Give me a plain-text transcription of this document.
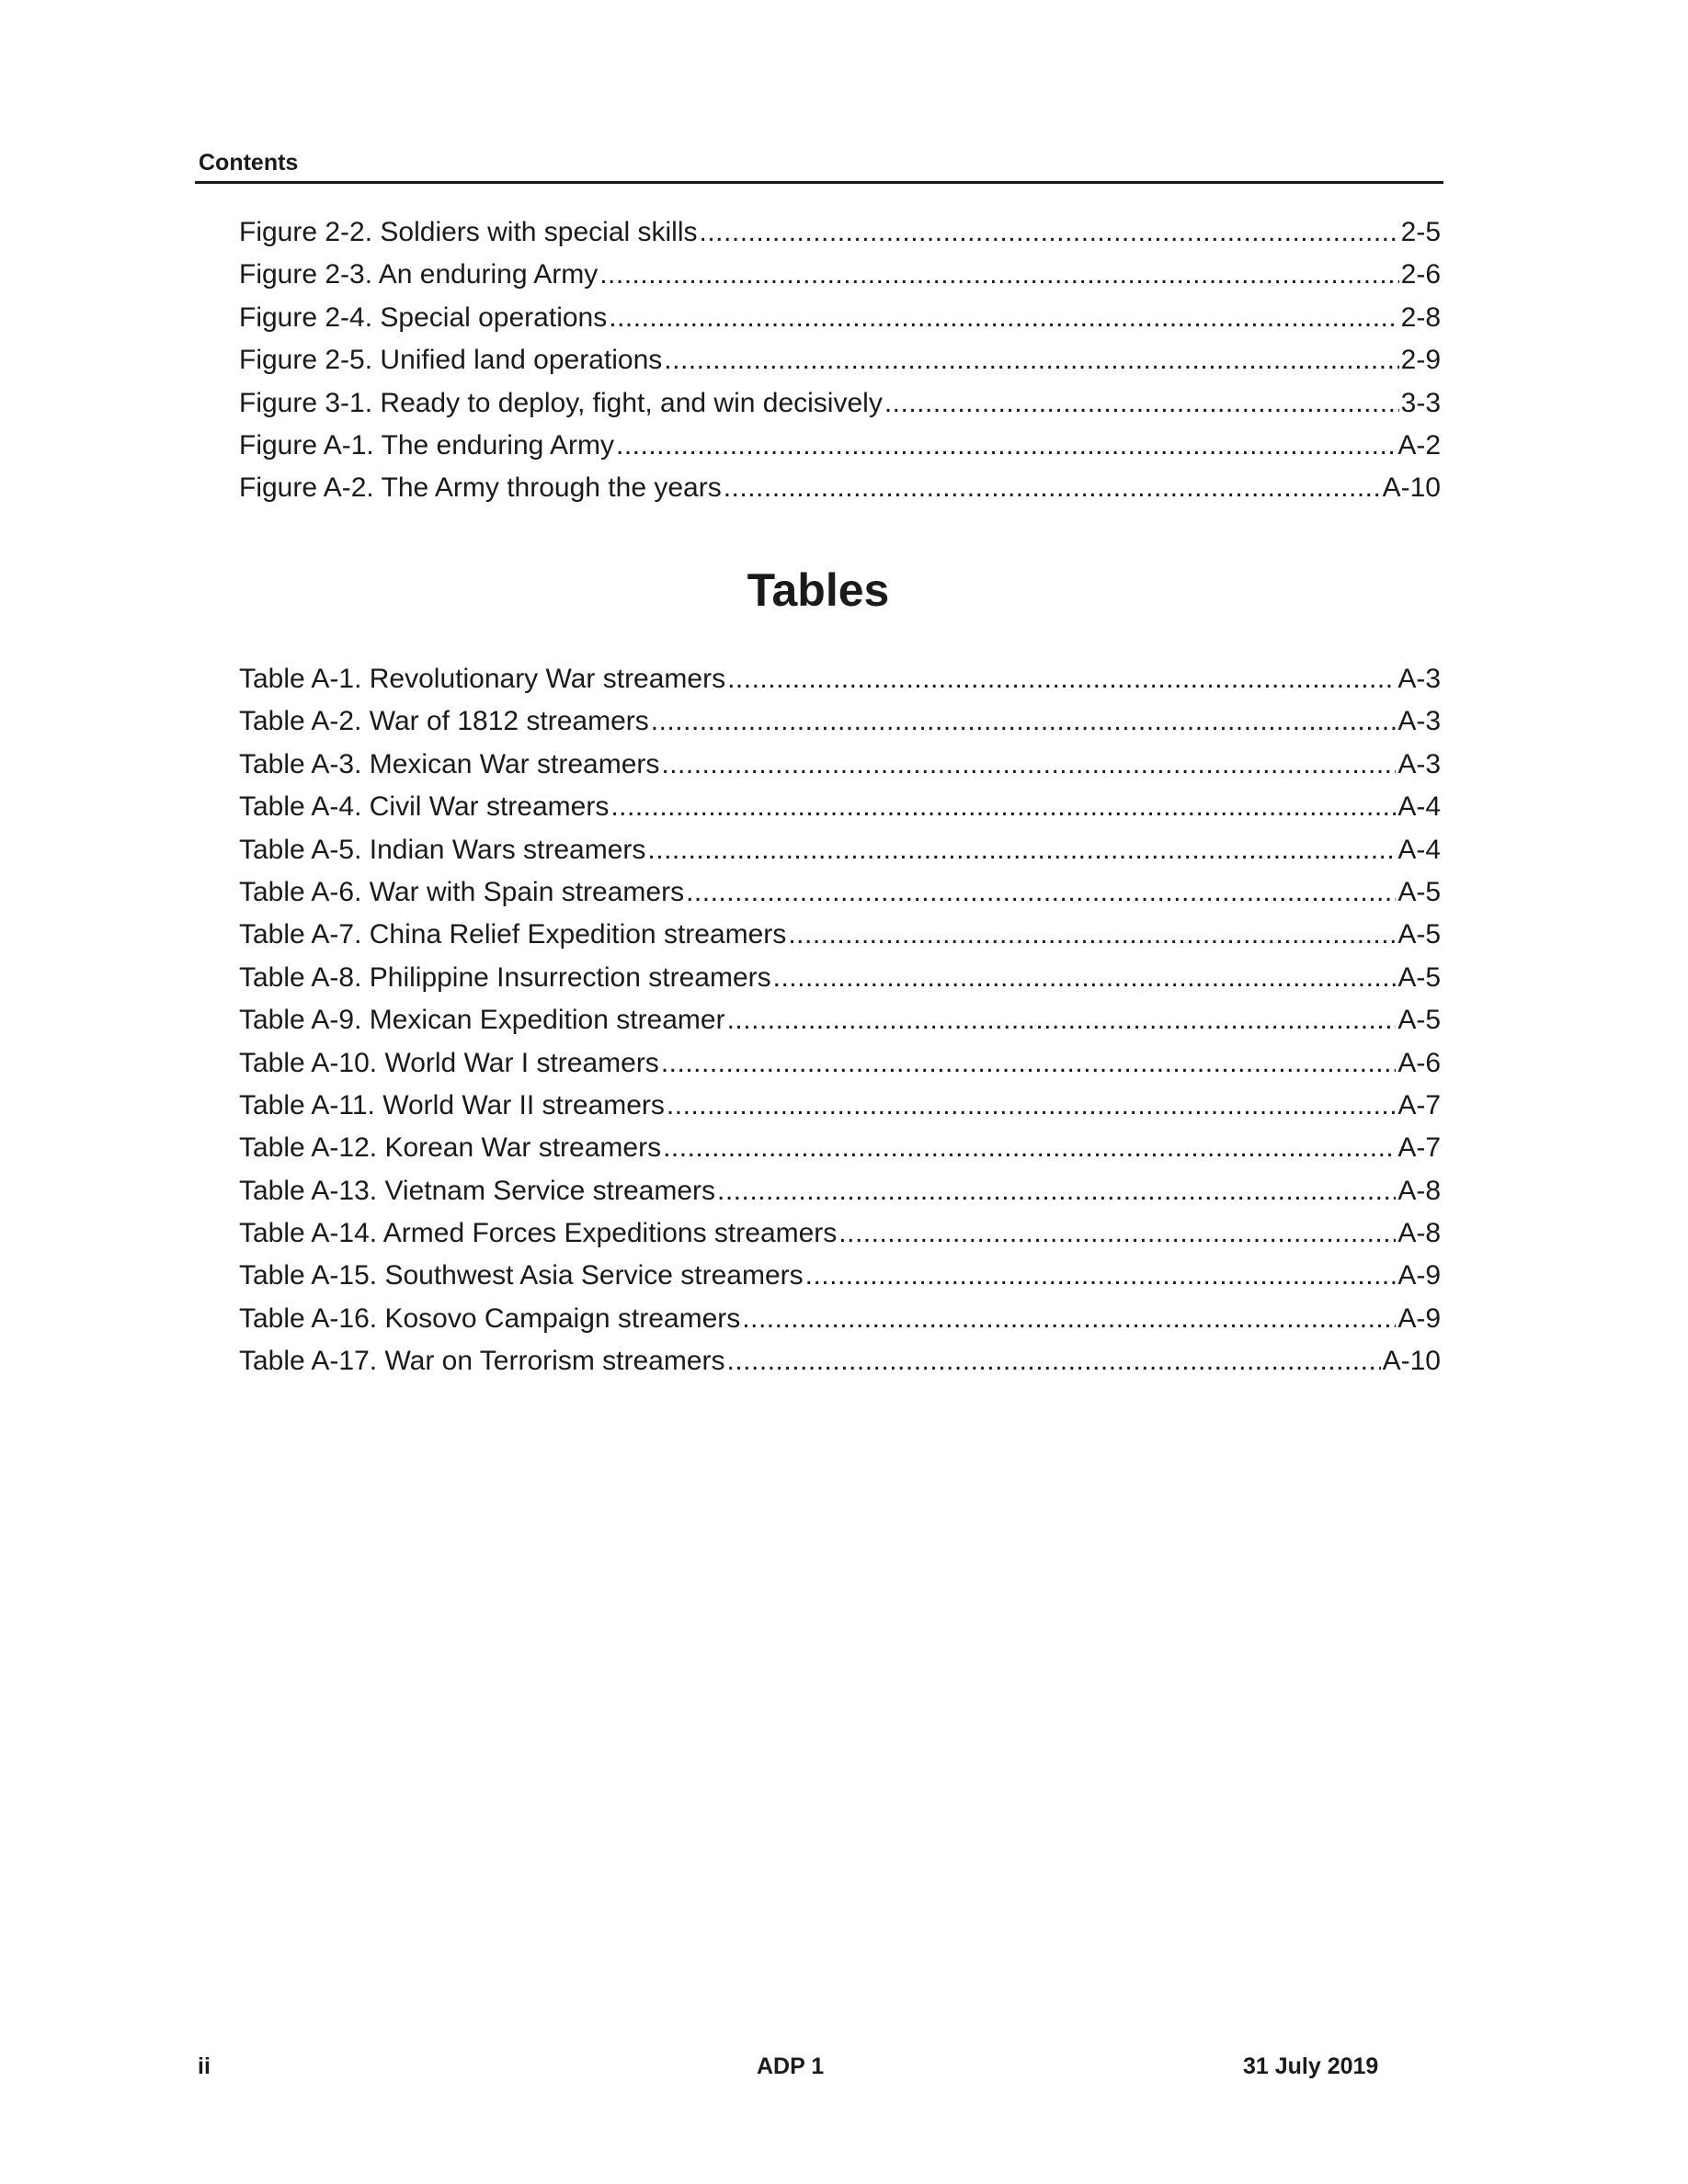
Contents
Figure 2-2. Soldiers with special skills .....	2-5
Figure 2-3. An enduring Army .....	2-6
Figure 2-4. Special operations .....	2-8
Figure 2-5. Unified land operations .....	2-9
Figure 3-1. Ready to deploy, fight, and win decisively .....	3-3
Figure A-1. The enduring Army .....	A-2
Figure A-2. The Army through the years .....	A-10
Tables
Table A-1. Revolutionary War streamers .....	A-3
Table A-2. War of 1812 streamers .....	A-3
Table A-3. Mexican War streamers .....	A-3
Table A-4. Civil War streamers .....	A-4
Table A-5. Indian Wars streamers .....	A-4
Table A-6. War with Spain streamers .....	A-5
Table A-7. China Relief Expedition streamers .....	A-5
Table A-8. Philippine Insurrection streamers .....	A-5
Table A-9. Mexican Expedition streamer .....	A-5
Table A-10. World War I streamers .....	A-6
Table A-11. World War II streamers .....	A-7
Table A-12. Korean War streamers .....	A-7
Table A-13. Vietnam Service streamers .....	A-8
Table A-14. Armed Forces Expeditions streamers .....	A-8
Table A-15. Southwest Asia Service streamers .....	A-9
Table A-16. Kosovo Campaign streamers .....	A-9
Table A-17. War on Terrorism streamers .....	A-10
ii	ADP 1	31 July 2019
